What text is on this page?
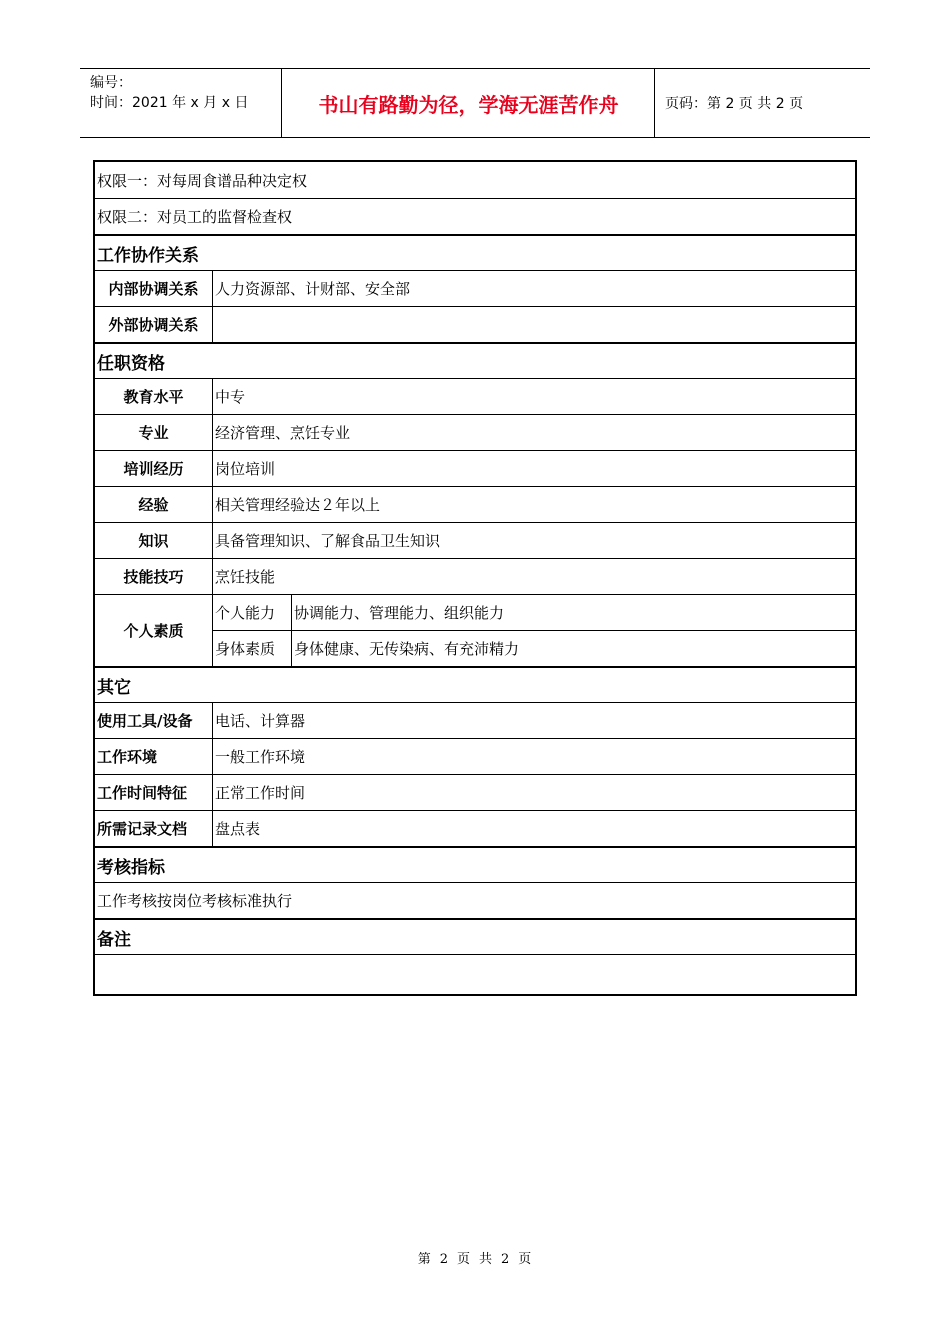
编号：
时间：2021 年 x 月 x 日	书山有路勤为径，学海无涯苦作舟	页码：第 2 页 共 2 页
权限一：对每周食谱品种决定权
权限二：对员工的监督检查权
工作协作关系
内部协调关系	人力资源部、计财部、安全部
外部协调关系
任职资格
教育水平	中专
专业	经济管理、烹饪专业
培训经历	岗位培训
经验	相关管理经验达２年以上
知识	具备管理知识、了解食品卫生知识
技能技巧	烹饪技能
个人素质
个人能力 协调能力、管理能力、组织能力
身体素质 身体健康、无传染病、有充沛精力
其它
使用工具/设备 电话、计算器
工作环境	一般工作环境
工作时间特征 正常工作时间
所需记录文档 盘点表
考核指标
工作考核按岗位考核标准执行
备注
第 2 页 共 2 页
